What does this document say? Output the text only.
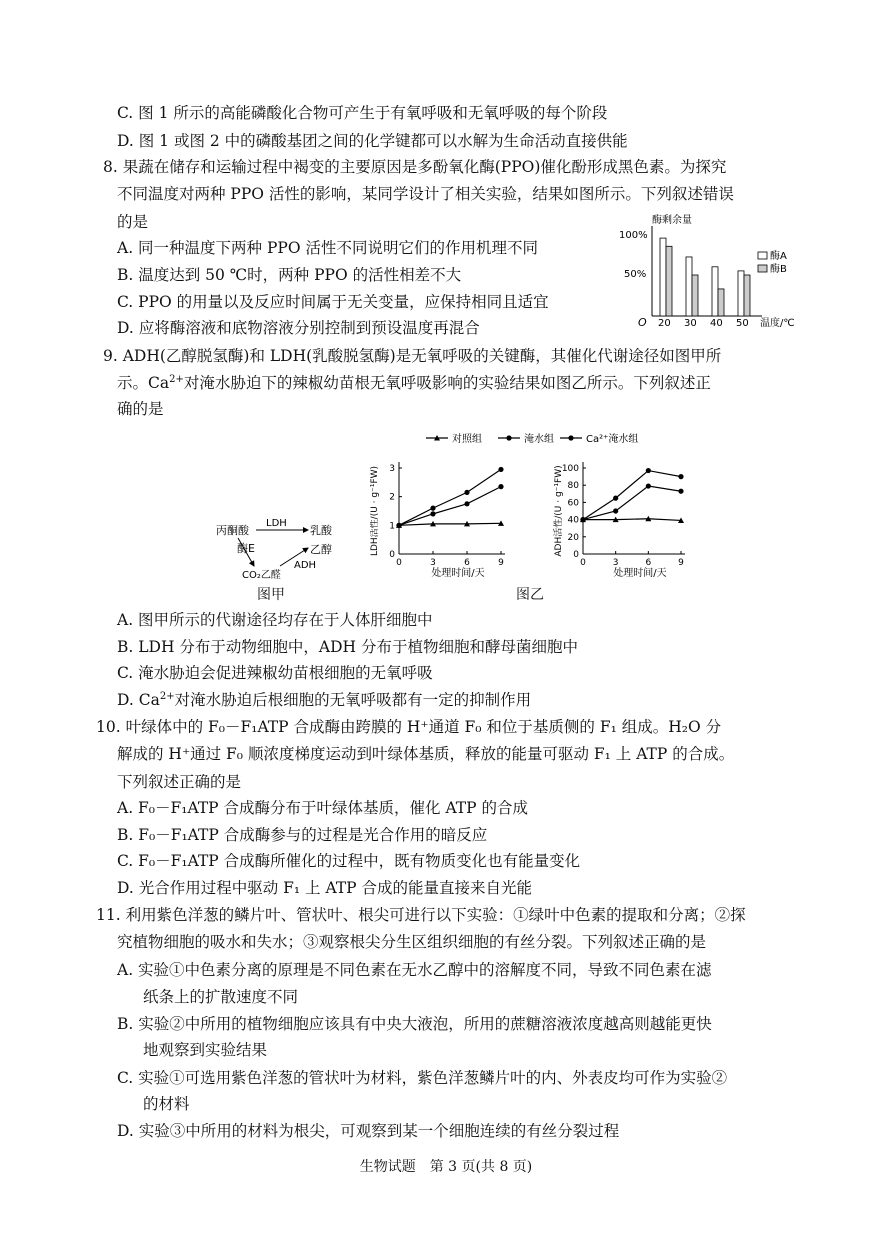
C. 图 1 所示的高能磷酸化合物可产生于有氧呼吸和无氧呼吸的每个阶段
D. 图 1 或图 2 中的磷酸基团之间的化学键都可以水解为生命活动直接供能
8. 果蔬在储存和运输过程中褐变的主要原因是多酚氧化酶(PPO)催化酚形成黑色素。为探究
不同温度对两种 PPO 活性的影响，某同学设计了相关实验，结果如图所示。下列叙述错误
的是
A. 同一种温度下两种 PPO 活性不同说明它们的作用机理不同
B. 温度达到 50 ℃时，两种 PPO 的活性相差不大
C. PPO 的用量以及反应时间属于无关变量，应保持相同且适宜
D. 应将酶溶液和底物溶液分别控制到预设温度再混合
酶剩余量
O
50%
100%
20 30 40 50 温度/℃
酶A
酶B
9. ADH(乙醇脱氢酶)和 LDH(乳酸脱氢酶)是无氧呼吸的关键酶，其催化代谢途径如图甲所
示。$Ca^{2+}$对淹水胁迫下的辣椒幼苗根无氧呼吸影响的实验结果如图乙所示。下列叙述正
确的是
丙酮酸
LDH
乳酸
酶E	乙醇
ADH
CO₂乙醛
图甲
对照组	淹水组	Ca²⁺淹水组
0
1
2
3
0	3	6	9
处理时间/天
LDH活性/(U · g⁻¹FW)	0
20
40
60
80
100
0	3	6	9
处理时间/天
ADH活性/(U · g⁻¹FW)
图乙
A. 图甲所示的代谢途径均存在于人体肝细胞中
B. LDH 分布于动物细胞中，ADH 分布于植物细胞和酵母菌细胞中
C. 淹水胁迫会促进辣椒幼苗根细胞的无氧呼吸
D. $Ca^{2+}$对淹水胁迫后根细胞的无氧呼吸都有一定的抑制作用
10. 叶绿体中的 F₀－F₁ATP 合成酶由跨膜的 H⁺通道 F₀ 和位于基质侧的 F₁ 组成。H₂O 分
解成的 H⁺通过 F₀ 顺浓度梯度运动到叶绿体基质，释放的能量可驱动 F₁ 上 ATP 的合成。
下列叙述正确的是
A. F₀－F₁ATP 合成酶分布于叶绿体基质，催化 ATP 的合成
B. F₀－F₁ATP 合成酶参与的过程是光合作用的暗反应
C. F₀－F₁ATP 合成酶所催化的过程中，既有物质变化也有能量变化
D. 光合作用过程中驱动 F₁ 上 ATP 合成的能量直接来自光能
11. 利用紫色洋葱的鳞片叶、管状叶、根尖可进行以下实验：①绿叶中色素的提取和分离；②探
究植物细胞的吸水和失水；③观察根尖分生区组织细胞的有丝分裂。下列叙述正确的是
A. 实验①中色素分离的原理是不同色素在无水乙醇中的溶解度不同，导致不同色素在滤
纸条上的扩散速度不同
B. 实验②中所用的植物细胞应该具有中央大液泡，所用的蔗糖溶液浓度越高则越能更快
地观察到实验结果
C. 实验①可选用紫色洋葱的管状叶为材料，紫色洋葱鳞片叶的内、外表皮均可作为实验②
的材料
D. 实验③中所用的材料为根尖，可观察到某一个细胞连续的有丝分裂过程
生物试题　第 3 页(共 8 页)
